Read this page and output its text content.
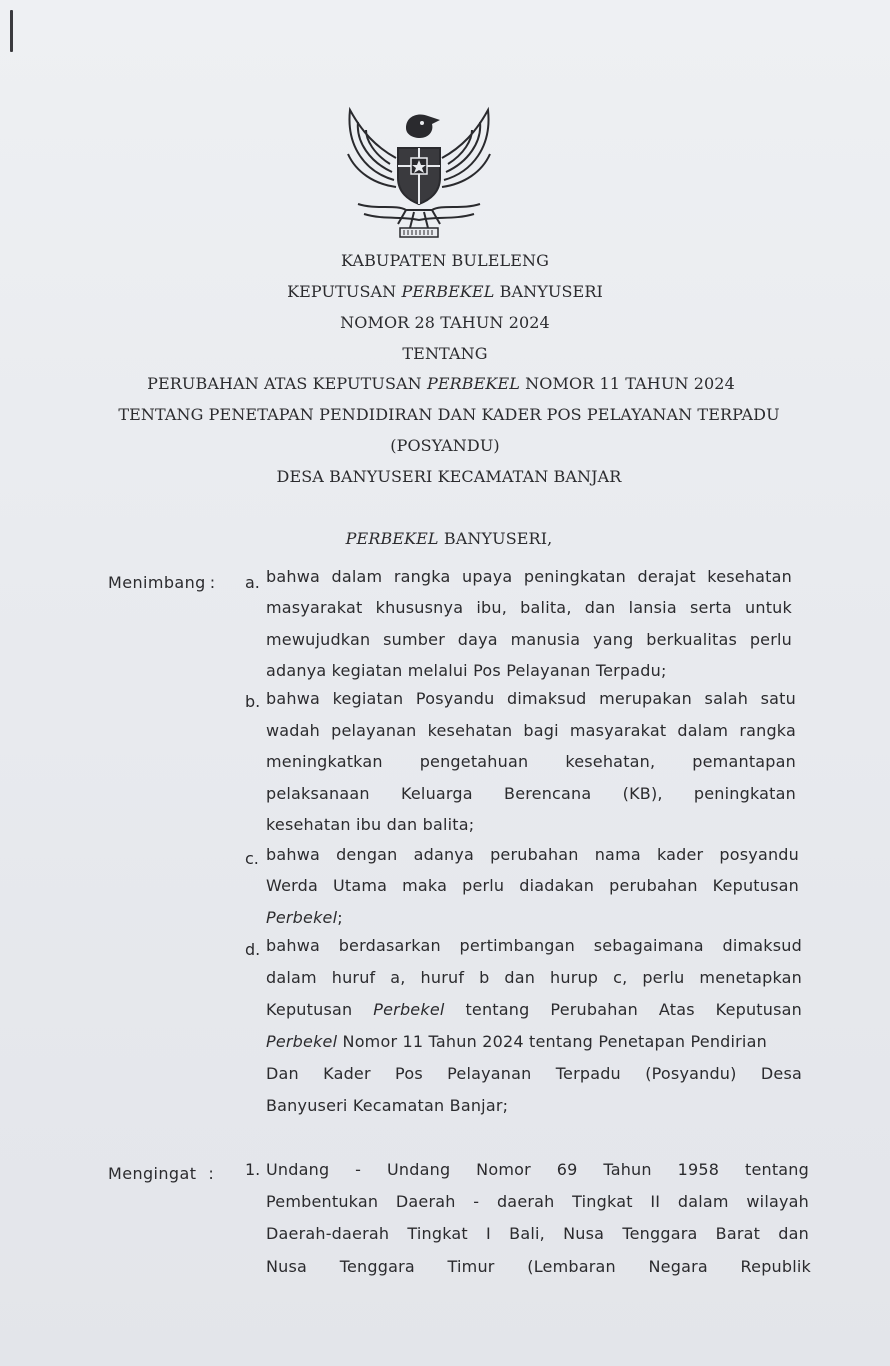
KABUPATEN BULELENG
KEPUTUSAN PERBEKEL BANYUSERI
NOMOR 28 TAHUN 2024
TENTANG
PERUBAHAN ATAS KEPUTUSAN PERBEKEL NOMOR 11 TAHUN 2024
TENTANG PENETAPAN PENDIDIRAN DAN KADER POS PELAYANAN TERPADU
(POSYANDU)
DESA BANYUSERI KECAMATAN BANJAR
PERBEKEL BANYUSERI,
Menimbang : a. bahwa dalam rangka upaya peningkatan derajat kesehatan
masyarakat khususnya ibu, balita, dan lansia serta untuk
mewujudkan sumber daya manusia yang berkualitas perlu
adanya kegiatan melalui Pos Pelayanan Terpadu;
b. bahwa kegiatan Posyandu dimaksud merupakan salah satu
wadah pelayanan kesehatan bagi masyarakat dalam rangka
meningkatkan pengetahuan kesehatan, pemantapan
pelaksanaan Keluarga Berencana (KB), peningkatan
kesehatan ibu dan balita;
c. bahwa dengan adanya perubahan nama kader posyandu
Werda Utama maka perlu diadakan perubahan Keputusan
Perbekel;
d. bahwa berdasarkan pertimbangan sebagaimana dimaksud
dalam huruf a, huruf b dan hurup c, perlu menetapkan
Keputusan Perbekel tentang Perubahan Atas Keputusan
Perbekel Nomor 11 Tahun 2024 tentang Penetapan Pendirian
Dan Kader Pos Pelayanan Terpadu (Posyandu) Desa
Banyuseri Kecamatan Banjar;
Mengingat : 1. Undang - Undang Nomor 69 Tahun 1958 tentang
Pembentukan Daerah - daerah Tingkat II dalam wilayah
Daerah-daerah Tingkat I Bali, Nusa Tenggara Barat dan
Nusa Tenggara Timur (Lembaran Negara Republik
